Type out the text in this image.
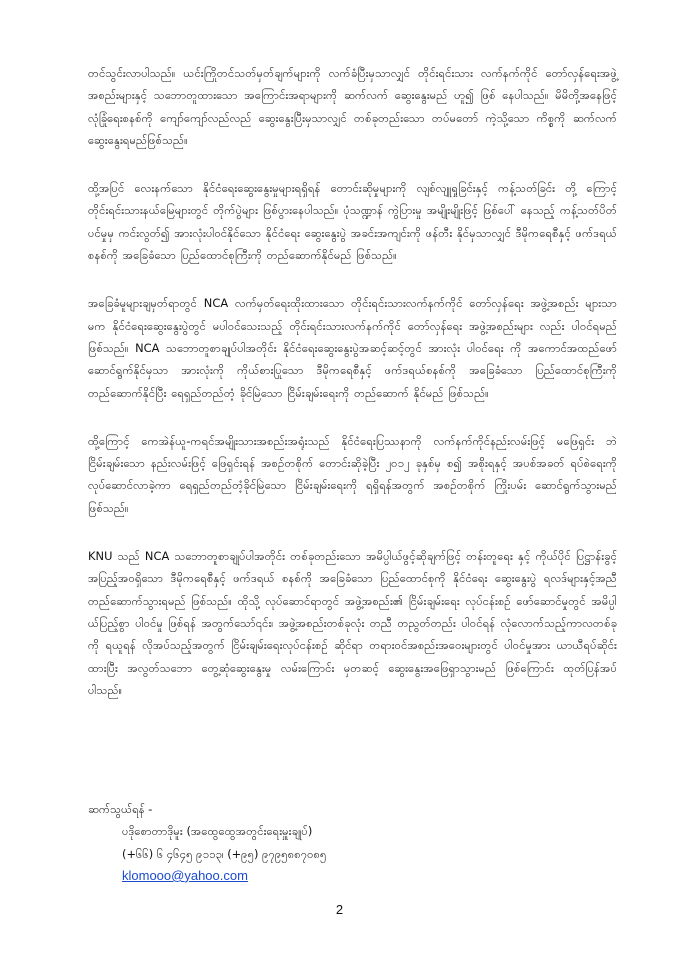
တင်သွင်းလာပါသည်။ ယင်းကြိုတင်သတ်မှတ်ချက်များကို လက်ခံပြီးမှသာလျှင် တိုင်းရင်းသား လက်နက်ကိုင် တော်လှန်ရေးအဖွဲ့အစည်းများနှင့် သဘောတူထားသော အကြောင်းအရာများကို ဆက်လက် ဆွေးနွေးမည် ဟူ၍ ဖြစ် နေပါသည်။ မိမိတို့အနေဖြင့် လုံခြုံရေးစနစ်ကို ကျော်ကျော်လည်လည် ဆွေးနွေးပြီးမှသာလျှင် တစ်ခုတည်းသော တပ်မတော် ကဲ့သို့သော ကိစ္စကို ဆက်လက် ဆွေးနွေးရမည်ဖြစ်သည်။

ထို့အပြင် လေးနက်သော နိုင်ငံရေးဆွေးနွေးမှုများရရှိရန် တောင်းဆိုမှုများကို လျစ်လျူရှုခြင်းနှင့် ကန့်သတ်ခြင်း တို့ ကြောင့် တိုင်းရင်းသားနယ်မြေများတွင် တိုက်ပွဲများ ဖြစ်ပွားနေပါသည်။ ပုံသဏ္ဍာန် ကွဲပြားမှု အမျိုးမျိုးဖြင့် ဖြစ်ပေါ် နေသည့် ကန့်သတ်ပိတ်ပင်မှုမှ ကင်းလွတ်၍ အားလုံးပါဝင်နိုင်သော နိုင်ငံရေး ဆွေးနွေးပွဲ အခင်းအကျင်းကို ဖန်တီး နိုင်မှသာလျှင် ဒီမိုကရေစီနှင့် ဖက်ဒရယ်စနစ်ကို အခြေခံသော ပြည်ထောင်စုကြီးကို တည်ဆောက်နိုင်မည် ဖြစ်သည်။

အခြေခံမူများချမှတ်ရာတွင် NCA လက်မှတ်ရေးထိုးထားသော တိုင်းရင်းသားလက်နက်ကိုင် တော်လှန်ရေး အဖွဲ့အစည်း များသာမက နိုင်ငံရေးဆွေးနွေးပွဲတွင် မပါဝင်သေးသည့် တိုင်းရင်းသားလက်နက်ကိုင် တော်လှန်ရေး အဖွဲ့အစည်းများ လည်း ပါဝင်ရမည်ဖြစ်သည်။ NCA သဘောတူစာချုပ်ပါအတိုင်း နိုင်ငံရေးဆွေးနွေးပွဲအဆင့်ဆင့်တွင် အားလုံး ပါဝင်ရေး ကို အကောင်အထည်ဖော် ဆောင်ရွက်နိုင်မှသာ အားလုံးကို ကိုယ်စားပြုသော ဒီမိုကရေစီနှင့် ဖက်ဒရယ်စနစ်ကို အခြေခံသော ပြည်ထောင်စုကြီးကို တည်ဆောက်နိုင်ပြီး ရေရှည်တည်တံ့ ခိုင်မြဲသော ငြိမ်းချမ်းရေးကို တည်ဆောက် နိုင်မည် ဖြစ်သည်။

ထို့ကြောင့် ကေအဲန်ယူ-ကရင်အမျိုးသားအစည်းအရုံးသည် နိုင်ငံရေးပြဿနာကို လက်နက်ကိုင်နည်းလမ်းဖြင့် မဖြေရှင်း ဘဲ ငြိမ်းချမ်းသော နည်းလမ်းဖြင့် ဖြေရှင်းရန် အစဉ်တစိုက် တောင်းဆိုခဲ့ပြီး ၂၀၁၂ ခုနှစ်မှ စ၍ အစိုးရနှင့် အပစ်အခတ် ရပ်စဲရေးကို လုပ်ဆောင်လာခဲ့ကာ ရေရှည်တည်တံ့ခိုင်မြဲသော ငြိမ်းချမ်းရေးကို ရရှိရန်အတွက် အစဉ်တစိုက် ကြိုးပမ်း ဆောင်ရွက်သွားမည် ဖြစ်သည်။

KNU သည် NCA သဘောတူစာချုပ်ပါအတိုင်း တစ်ခုတည်းသော အမိပ္ပါယ်ဖွင့်ဆိုချက်ဖြင့် တန်းတူရေး နှင့် ကိုယ်ပိုင် ပြဋ္ဌာန်းခွင့် အပြည့်အဝရှိသော ဒီမိုကရေစီနှင့် ဖက်ဒရယ် စနစ်ကို အခြေခံသော ပြည်ထောင်စုကို နိုင်ငံရေး ဆွေးနွေးပွဲ ရလဒ်များနှင့်အညီ တည်ဆောက်သွားရမည် ဖြစ်သည်။ ထိုသို့ လုပ်ဆောင်ရာတွင် အဖွဲ့အစည်း၏ ငြိမ်းချမ်းရေး လုပ်ငန်းစဉ် ဖော်ဆောင်မှုတွင် အမိပ္ပါယ်ပြည့်စွာ ပါဝင်မှု ဖြစ်ရန် အတွက်သော်၎င်း၊ အဖွဲ့အစည်းတစ်ခုလုံး တညီ တညွတ်တည်း ပါဝင်ရန် လုံလောက်သည့်ကာလတစ်ခုကို ရယူရန် လိုအပ်သည့်အတွက် ငြိမ်းချမ်းရေးလုပ်ငန်းစဉ် ဆိုင်ရာ တရားဝင်အစည်းအဝေးများတွင် ပါဝင်မှုအား ယာယီရပ်ဆိုင်းထားပြီး အလွတ်သဘော တွေ့ဆုံဆွေးနွေးမှု လမ်းကြောင်း မှတဆင့် ဆွေးနွေးအဖြေရှာသွားမည် ဖြစ်ကြောင်း ထုတ်ပြန်အပ်ပါသည်။

ဆက်သွယ်ရန် -
ပဒိုစောတာဒိုမူး (အထွေထွေအတွင်းရေးမှူးချုပ်)
(+၆၆) ၆ ၄၆၄၅ ၉၁၁၃၊ (+၉၅) ၉၇၉၅၈၈၇၀၈၅
klomooo@yahoo.com
2
